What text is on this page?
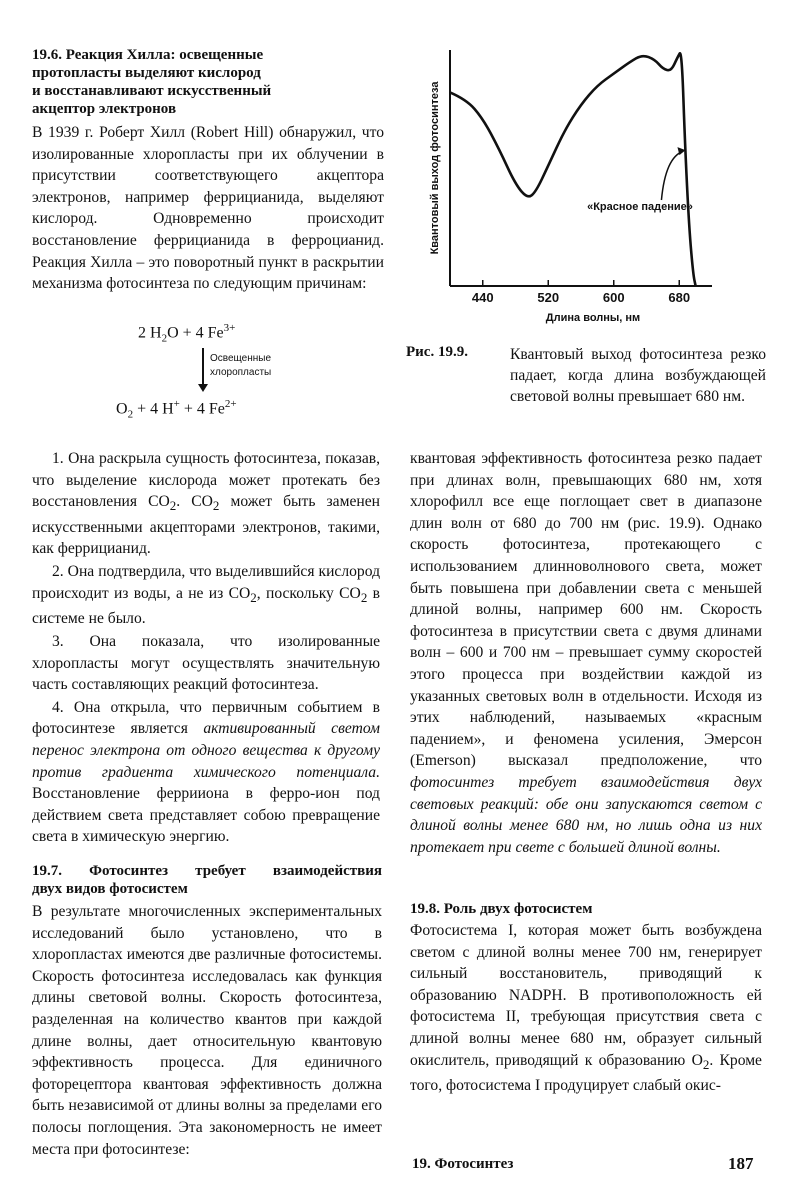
19.6. Реакция Хилла: освещенные
протопласты выделяют кислород
и восстанавливают искусственный
акцептор электронов
В 1939 г. Роберт Хилл (Robert Hill) обнаружил, что изолированные хлоропласты при их облучении в присутствии соответствующего акцептора электронов, например феррицианида, выделяют кислород. Одновременно происходит восстановление феррицианида в ферроцианид. Реакция Хилла – это поворотный пункт в раскрытии механизма фотосинтеза по следующим причинам:
2 $H_2O + 4$ $Fe^{3+}$
Освещенные
хлоропласты
$O_2 + 4$ H+ + 4 $Fe^{2+}$

1. Она раскрыла сущность фотосинтеза, показав, что выделение кислорода может протекать без восстановления $CO_2$. $CO_2$ может быть заменен искусственными акцепторами электронов, такими, как феррицианид.

2. Она подтвердила, что выделившийся кислород происходит из воды, а не из $CO_2$, поскольку $CO_2$ в системе не было.

3. Она показала, что изолированные хлоропласты могут осуществлять значительную часть составляющих реакций фотосинтеза.

4. Она открыла, что первичным событием в фотосинтезе является активированный светом перенос электрона от одного вещества к другому против градиента химического потенциала. Восстановление феррииона в ферро-ион под действием света представляет собою превращение света в химическую энергию.

19.7. Фотосинтез требует взаимодействия
двух видов фотосистем
В результате многочисленных экспериментальных исследований было установлено, что в хлоропластах имеются две различные фотосистемы. Скорость фотосинтеза исследовалась как функция длины световой волны. Скорость фотосинтеза, разделенная на количество квантов при каждой длине волны, дает относительную квантовую эффективность процесса. Для единичного фоторецептора квантовая эффективность должна быть независимой от длины волны за пределами его полосы поглощения. Эта закономерность не имеет места при фотосинтезе:
440	520	600	680
Длина волны, нм
Квантовый выход фотосинтеза	«Красное падение»
Рис. 19.9.	Квантовый выход фотосинтеза резко падает, когда длина возбуждающей световой волны превышает 680 нм.
квантовая эффективность фотосинтеза резко падает при длинах волн, превышающих 680 нм, хотя хлорофилл все еще поглощает свет в диапазоне длин волн от 680 до 700 нм (рис. 19.9). Однако скорость фотосинтеза, протекающего с использованием длинноволнового света, может быть повышена при добавлении света с меньшей длиной волны, например 600 нм. Скорость фотосинтеза в присутствии света с двумя длинами волн – 600 и 700 нм – превышает сумму скоростей этого процесса при воздействии каждой из указанных световых волн в отдельности. Исходя из этих наблюдений, называемых «красным падением», и феномена усиления, Эмерсон (Emerson) высказал предположение, что фотосинтез требует взаимодействия двух световых реакций: обе они запускаются светом с длиной волны менее 680 нм, но лишь одна из них протекает при свете с большей длиной волны.
19.8. Роль двух фотосистем
Фотосистема I, которая может быть возбуждена светом с длиной волны менее 700 нм, генерирует сильный восстановитель, приводящий к образованию NADPH. В противоположность ей фотосистема II, требующая присутствия света с длиной волны менее 680 нм, образует сильный окислитель, приводящий к образованию $O_2$. Кроме того, фотосистема I продуцирует слабый окис-
19. Фотосинтез	187
